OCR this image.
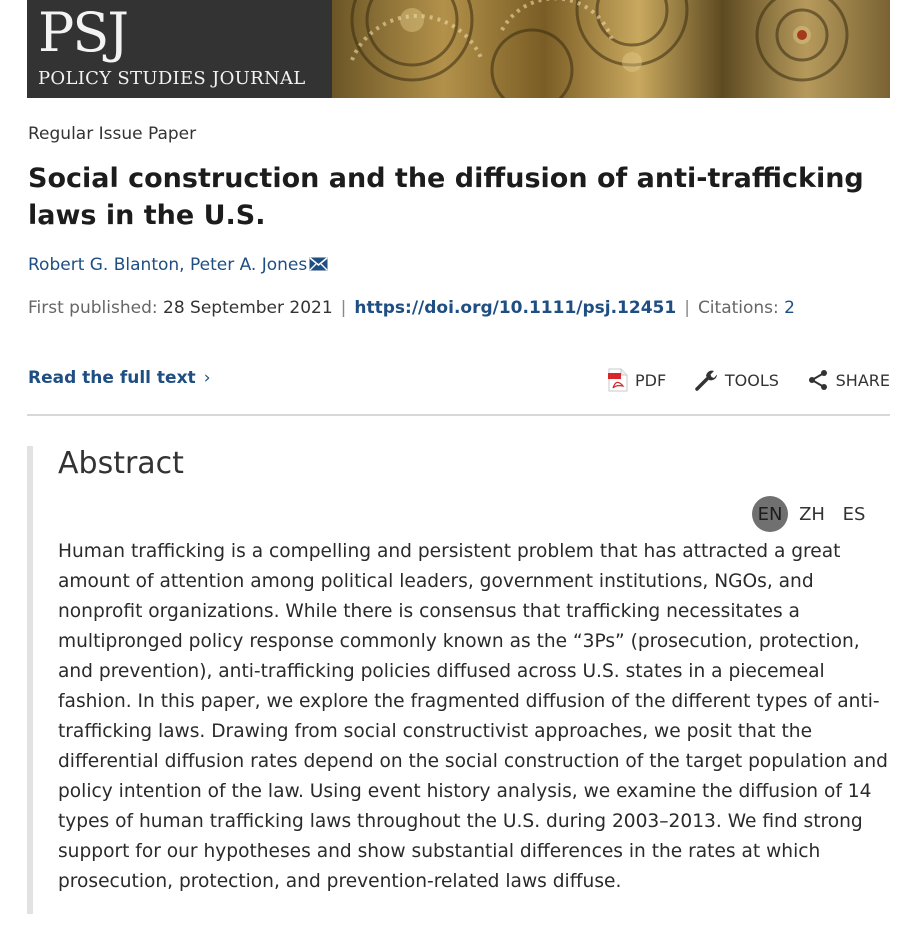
PSJ
POLICY STUDIES JOURNAL
Regular Issue Paper
Social construction and the diffusion of anti-trafficking laws in the U.S.
Robert G. Blanton, Peter A. Jones
First published: 28 September 2021 | https://doi.org/10.1111/psj.12451 | Citations: 2
Read the full text ›	PDF	TOOLS	SHARE
Abstract
EN ZH ES
Human trafficking is a compelling and persistent problem that has attracted a great
amount of attention among political leaders, government institutions, NGOs, and
nonprofit organizations. While there is consensus that trafficking necessitates a
multipronged policy response commonly known as the “3Ps” (prosecution, protection,
and prevention), anti-trafficking policies diffused across U.S. states in a piecemeal
fashion. In this paper, we explore the fragmented diffusion of the different types of anti-
trafficking laws. Drawing from social constructivist approaches, we posit that the
differential diffusion rates depend on the social construction of the target population and
policy intention of the law. Using event history analysis, we examine the diffusion of 14
types of human trafficking laws throughout the U.S. during 2003–2013. We find strong
support for our hypotheses and show substantial differences in the rates at which
prosecution, protection, and prevention-related laws diffuse.
